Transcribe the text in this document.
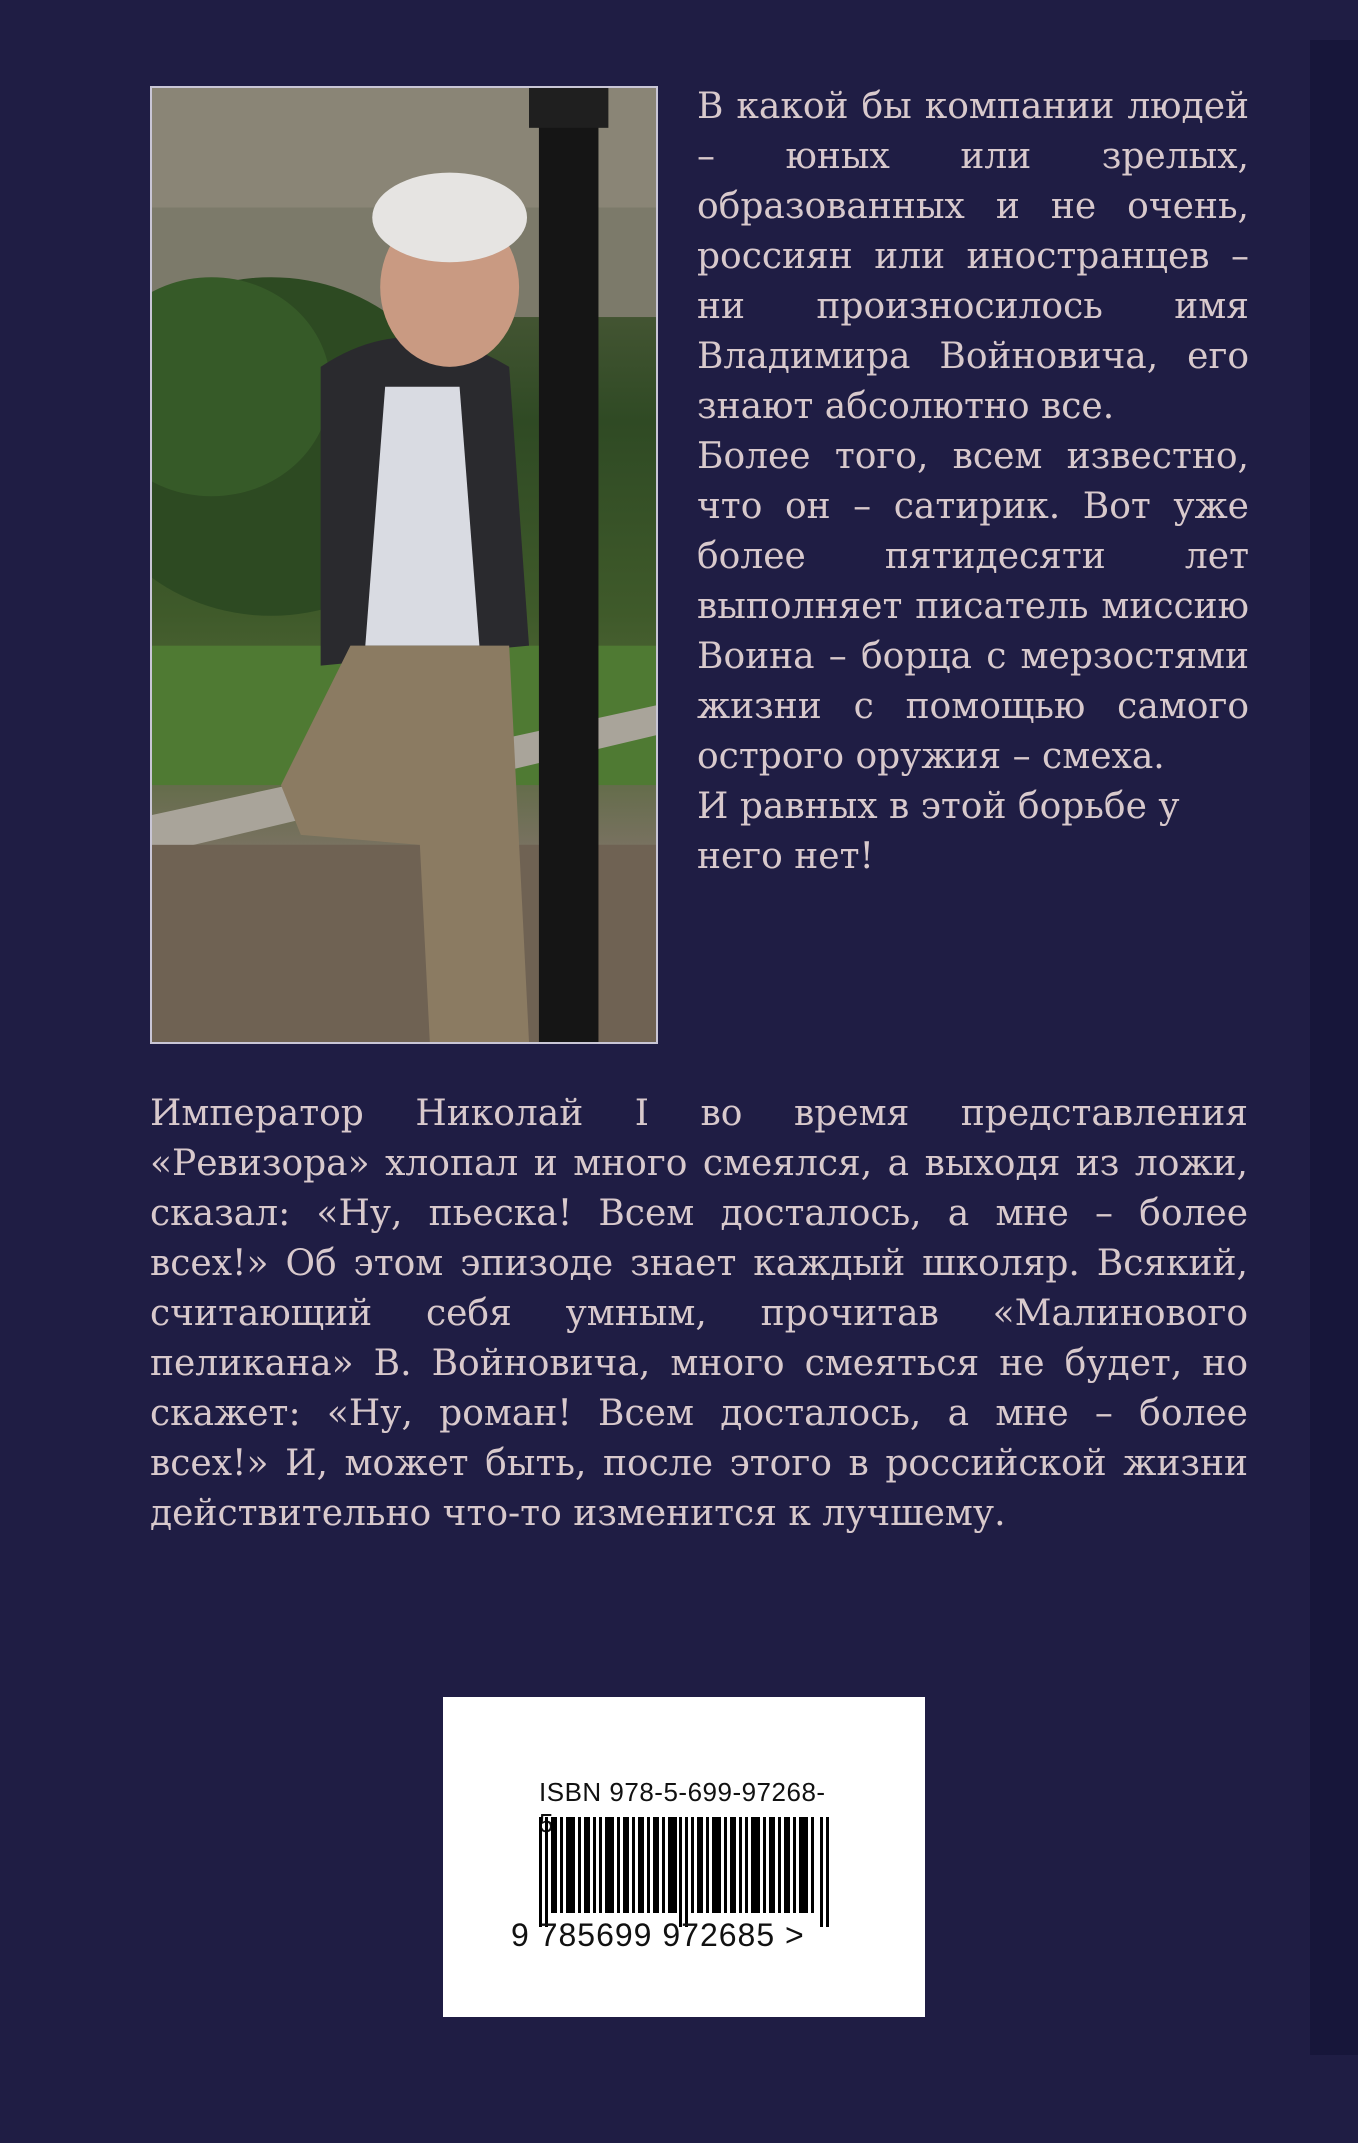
В какой бы компании людей – юных или зрелых, образованных и не очень, россиян или иностранцев – ни произносилось имя Владимира Войновича, его знают абсолютно все.

Более того, всем известно, что он – сатирик. Вот уже более пятидесяти лет выполняет писатель миссию Воина – борца с мерзостями жизни с помощью самого острого оружия – смеха.

И равных в этой борьбе у него нет!

Император Николай I во время представления «Ревизора» хлопал и много смеялся, а выходя из ложи, сказал: «Ну, пьеска! Всем досталось, а мне – более всех!» Об этом эпизоде знает каждый школяр. Всякий, считающий себя умным, прочитав «Малинового пеликана» В. Войновича, много смеяться не будет, но скажет: «Ну, роман! Всем досталось, а мне – более всех!» И, может быть, после этого в российской жизни действительно что-то изменится к лучшему.

ISBN 978-5-699-97268-5
9 785699 972685 >
